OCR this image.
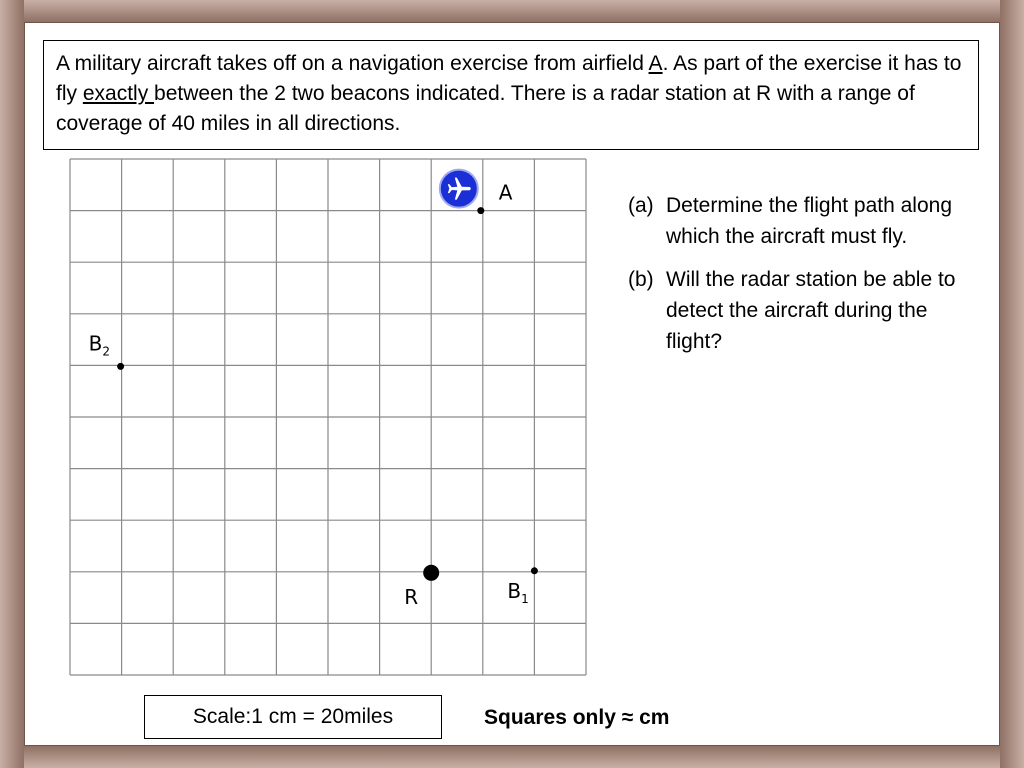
A military aircraft takes off on a navigation exercise from airfield A. As part of the exercise it has to fly exactly between the 2 two beacons indicated. There is a radar station at R with a range of coverage of 40 miles in all directions.
A
$B_2$
R	$B_1$
(a) Determine the flight path along which the aircraft must fly.
(b) Will the radar station be able to detect the aircraft during the flight?
Scale:1 cm = 20miles	Squares only ≈ cm
